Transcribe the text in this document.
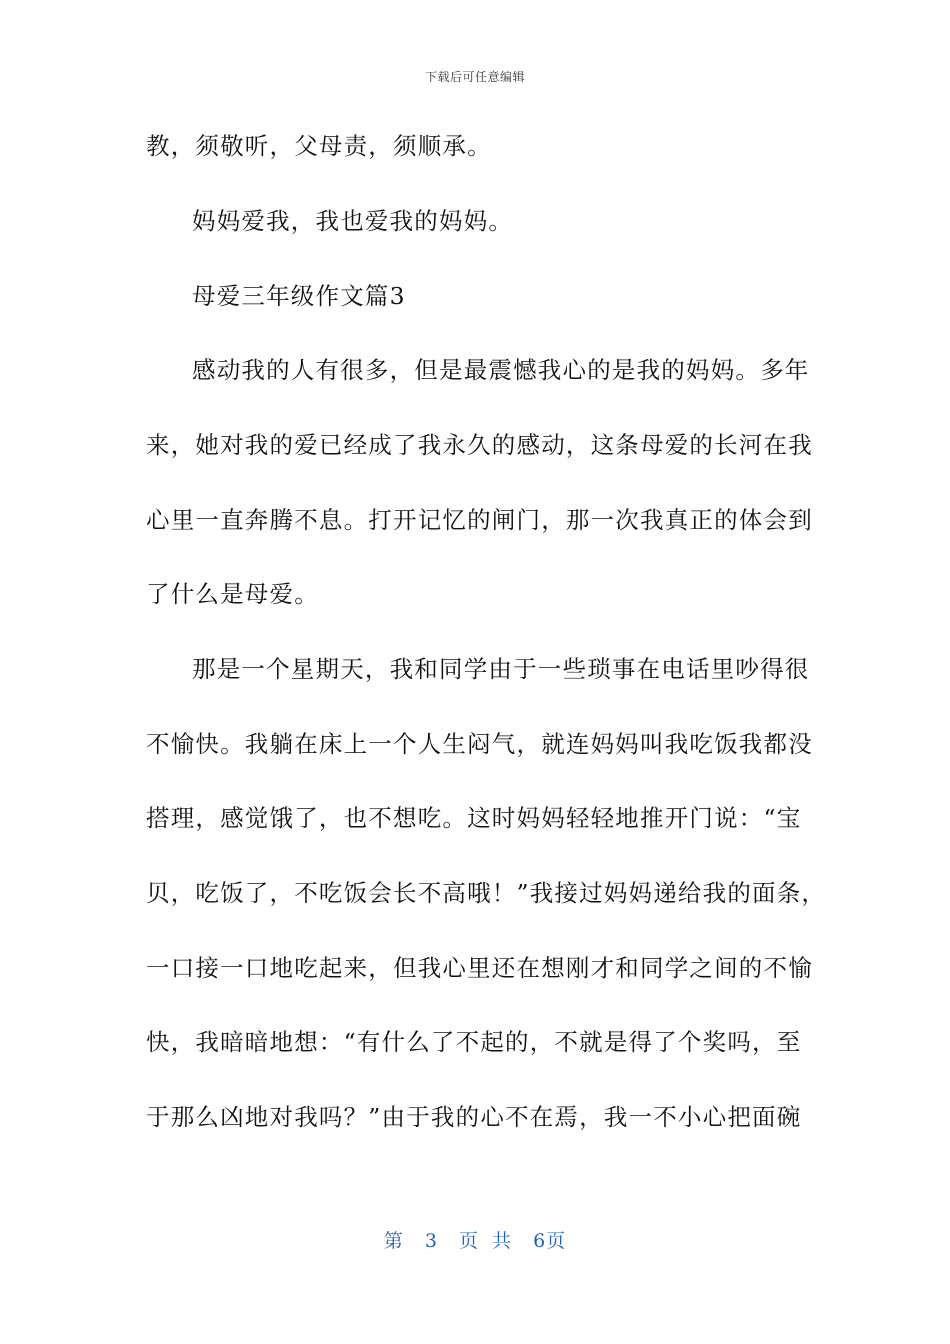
下载后可任意编辑
教，须敬听，父母责，须顺承。
妈妈爱我，我也爱我的妈妈。
母爱三年级作文篇3
感动我的人有很多，但是最震憾我心的是我的妈妈。多年
来，她对我的爱已经成了我永久的感动，这条母爱的长河在我
心里一直奔腾不息。打开记忆的闸门，那一次我真正的体会到
了什么是母爱。
那是一个星期天，我和同学由于一些琐事在电话里吵得很
不愉快。我躺在床上一个人生闷气，就连妈妈叫我吃饭我都没
搭理，感觉饿了，也不想吃。这时妈妈轻轻地推开门说：“宝
贝，吃饭了，不吃饭会长不高哦！”我接过妈妈递给我的面条，
一口接一口地吃起来，但我心里还在想刚才和同学之间的不愉
快，我暗暗地想：“有什么了不起的，不就是得了个奖吗，至
于那么凶地对我吗？”由于我的心不在焉，我一不小心把面碗
第 3 页 共 6页
